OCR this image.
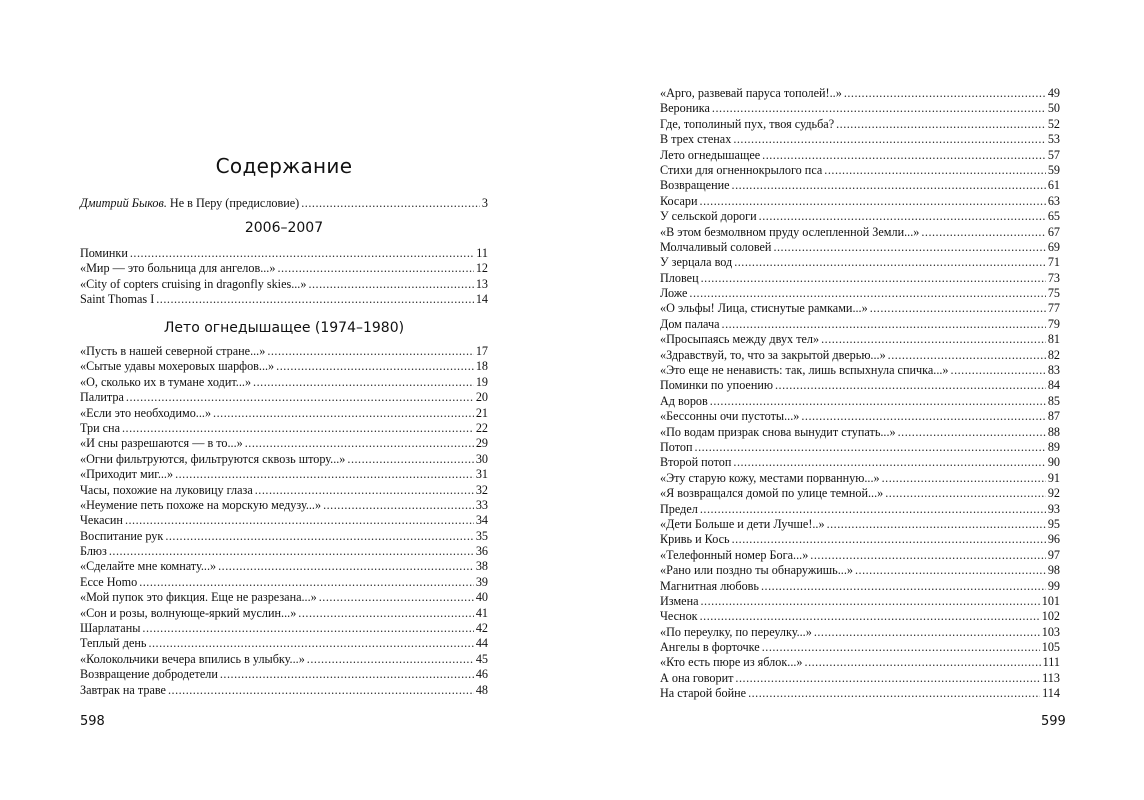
Содержание
Дмитрий Быков. Не в Перу (предисловие) .....	3
2006–2007
Поминки .....	11
«Мир — это больница для ангелов...» .....	12
«City of copters cruising in dragonfly skies...» .....	13
Saint Thomas I .....	14
Лето огнедышащее (1974–1980)
«Пусть в нашей северной стране...» .....	17
«Сытые удавы мохеровых шарфов...» .....	18
«О, сколько их в тумане ходит...» .....	19
Палитра .....	20
«Если это необходимо...» .....	21
Три сна .....	22
«И сны разрешаются — в то...» .....	29
«Огни фильтруются, фильтруются сквозь штору...» .....	30
«Приходит миг...» .....	31
Часы, похожие на луковицу глаза .....	32
«Неумение петь похоже на морскую медузу...» .....	33
Чекасин .....	34
Воспитание рук .....	35
Блюз .....	36
«Сделайте мне комнату...» .....	38
Ecce Homo .....	39
«Мой пупок это фикция. Еще не разрезана...» .....	40
«Сон и розы, волнующе-яркий муслин...» .....	41
Шарлатаны .....	42
Теплый день .....	44
«Колокольчики вечера впились в улыбку...» .....	45
Возвращение добродетели .....	46
Завтрак на траве .....	48
598
«Арго, развевай паруса тополей!..» .....	49
Вероника .....	50
Где, тополиный пух, твоя судьба? .....	52
В трех стенах .....	53
Лето огнедышащее .....	57
Стихи для огненнокрылого пса .....	59
Возвращение .....	61
Косари .....	63
У сельской дороги .....	65
«В этом безмолвном пруду ослепленной Земли...» .....	67
Молчаливый соловей .....	69
У зерцала вод .....	71
Пловец .....	73
Ложе .....	75
«О эльфы! Лица, стиснутые рамками...» .....	77
Дом палача .....	79
«Просыпаясь между двух тел» .....	81
«Здравствуй, то, что за закрытой дверью...» .....	82
«Это еще не ненависть: так, лишь вспыхнула спичка...» .....	83
Поминки по упоению .....	84
Ад воров .....	85
«Бессонны очи пустоты...» .....	87
«По водам призрак снова вынудит ступать...» .....	88
Потоп .....	89
Второй потоп .....	90
«Эту старую кожу, местами порванную...» .....	91
«Я возвращался домой по улице темной...» .....	92
Предел .....	93
«Дети Больше и дети Лучше!..» .....	95
Кривь и Кось .....	96
«Телефонный номер Бога...» .....	97
«Рано или поздно ты обнаружишь...» .....	98
Магнитная любовь .....	99
Измена .....	101
Чеснок .....	102
«По переулку, по переулку...» .....	103
Ангелы в форточке .....	105
«Кто есть пюре из яблок...» .....	111
А она говорит .....	113
На старой бойне .....	114
599
